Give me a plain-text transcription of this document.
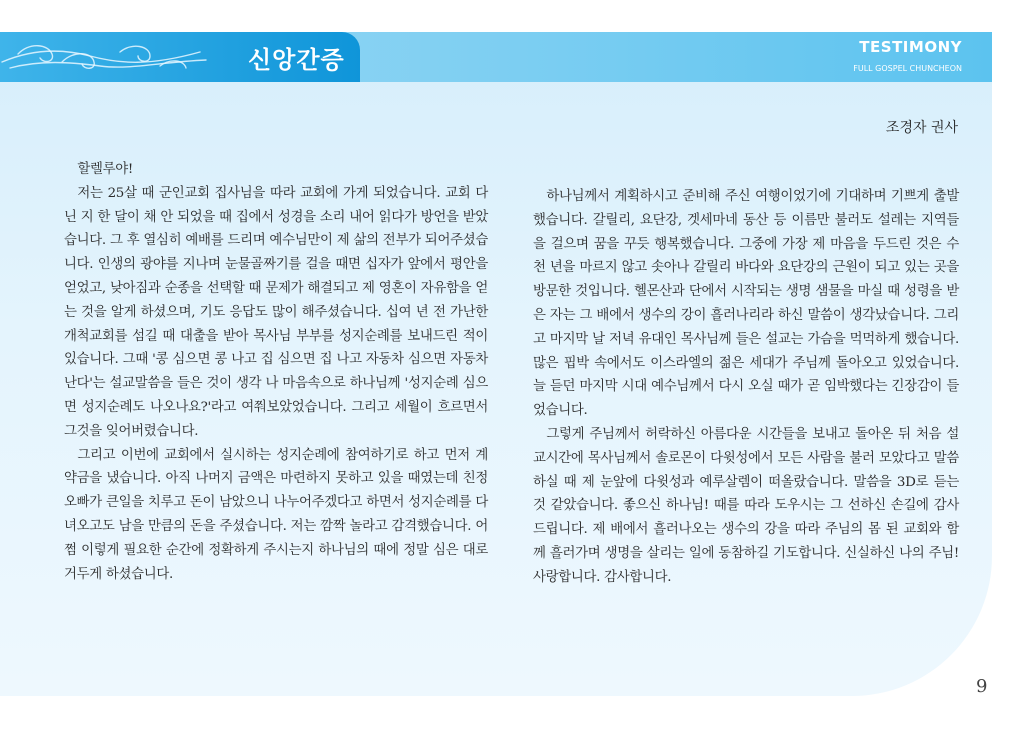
신앙간증	TESTIMONY
FULL GOSPEL CHUNCHEON
조경자 권사

할렐루야!

저는 25살 때 군인교회 집사님을 따라 교회에 가게 되었습니다. 교회 다닌 지 한 달이 채 안 되었을 때 집에서 성경을 소리 내어 읽다가 방언을 받았습니다. 그 후 열심히 예배를 드리며 예수님만이 제 삶의 전부가 되어주셨습니다. 인생의 광야를 지나며 눈물골짜기를 걸을 때면 십자가 앞에서 평안을 얻었고, 낮아짐과 순종을 선택할 때 문제가 해결되고 제 영혼이 자유함을 얻는 것을 알게 하셨으며, 기도 응답도 많이 해주셨습니다. 십여 년 전 가난한 개척교회를 섬길 때 대출을 받아 목사님 부부를 성지순례를 보내드린 적이 있습니다. 그때 '콩 심으면 콩 나고 집 심으면 집 나고 자동차 심으면 자동차 난다'는 설교말씀을 들은 것이 생각 나 마음속으로 하나님께 '성지순례 심으면 성지순례도 나오나요?'라고 여쭤보았었습니다. 그리고 세월이 흐르면서 그것을 잊어버렸습니다.

그리고 이번에 교회에서 실시하는 성지순례에 참여하기로 하고 먼저 계약금을 냈습니다. 아직 나머지 금액은 마련하지 못하고 있을 때였는데 친정오빠가 큰일을 치루고 돈이 남았으니 나누어주겠다고 하면서 성지순례를 다녀오고도 남을 만큼의 돈을 주셨습니다. 저는 깜짝 놀라고 감격했습니다. 어쩜 이렇게 필요한 순간에 정확하게 주시는지 하나님의 때에 정말 심은 대로 거두게 하셨습니다.

하나님께서 계획하시고 준비해 주신 여행이었기에 기대하며 기쁘게 출발했습니다. 갈릴리, 요단강, 겟세마네 동산 등 이름만 불러도 설레는 지역들을 걸으며 꿈을 꾸듯 행복했습니다. 그중에 가장 제 마음을 두드린 것은 수천 년을 마르지 않고 솟아나 갈릴리 바다와 요단강의 근원이 되고 있는 곳을 방문한 것입니다. 헬몬산과 단에서 시작되는 생명 샘물을 마실 때 성령을 받은 자는 그 배에서 생수의 강이 흘러나리라 하신 말씀이 생각났습니다. 그리고 마지막 날 저녁 유대인 목사님께 들은 설교는 가슴을 먹먹하게 했습니다. 많은 핍박 속에서도 이스라엘의 젊은 세대가 주님께 돌아오고 있었습니다. 늘 듣던 마지막 시대 예수님께서 다시 오실 때가 곧 임박했다는 긴장감이 들었습니다.

그렇게 주님께서 허락하신 아름다운 시간들을 보내고 돌아온 뒤 처음 설교시간에 목사님께서 솔로몬이 다윗성에서 모든 사람을 불러 모았다고 말씀하실 때 제 눈앞에 다윗성과 예루살렘이 떠올랐습니다. 말씀을 3D로 듣는 것 같았습니다. 좋으신 하나님! 때를 따라 도우시는 그 선하신 손길에 감사드립니다. 제 배에서 흘러나오는 생수의 강을 따라 주님의 몸 된 교회와 함께 흘러가며 생명을 살리는 일에 동참하길 기도합니다. 신실하신 나의 주님! 사랑합니다. 감사합니다.

9
